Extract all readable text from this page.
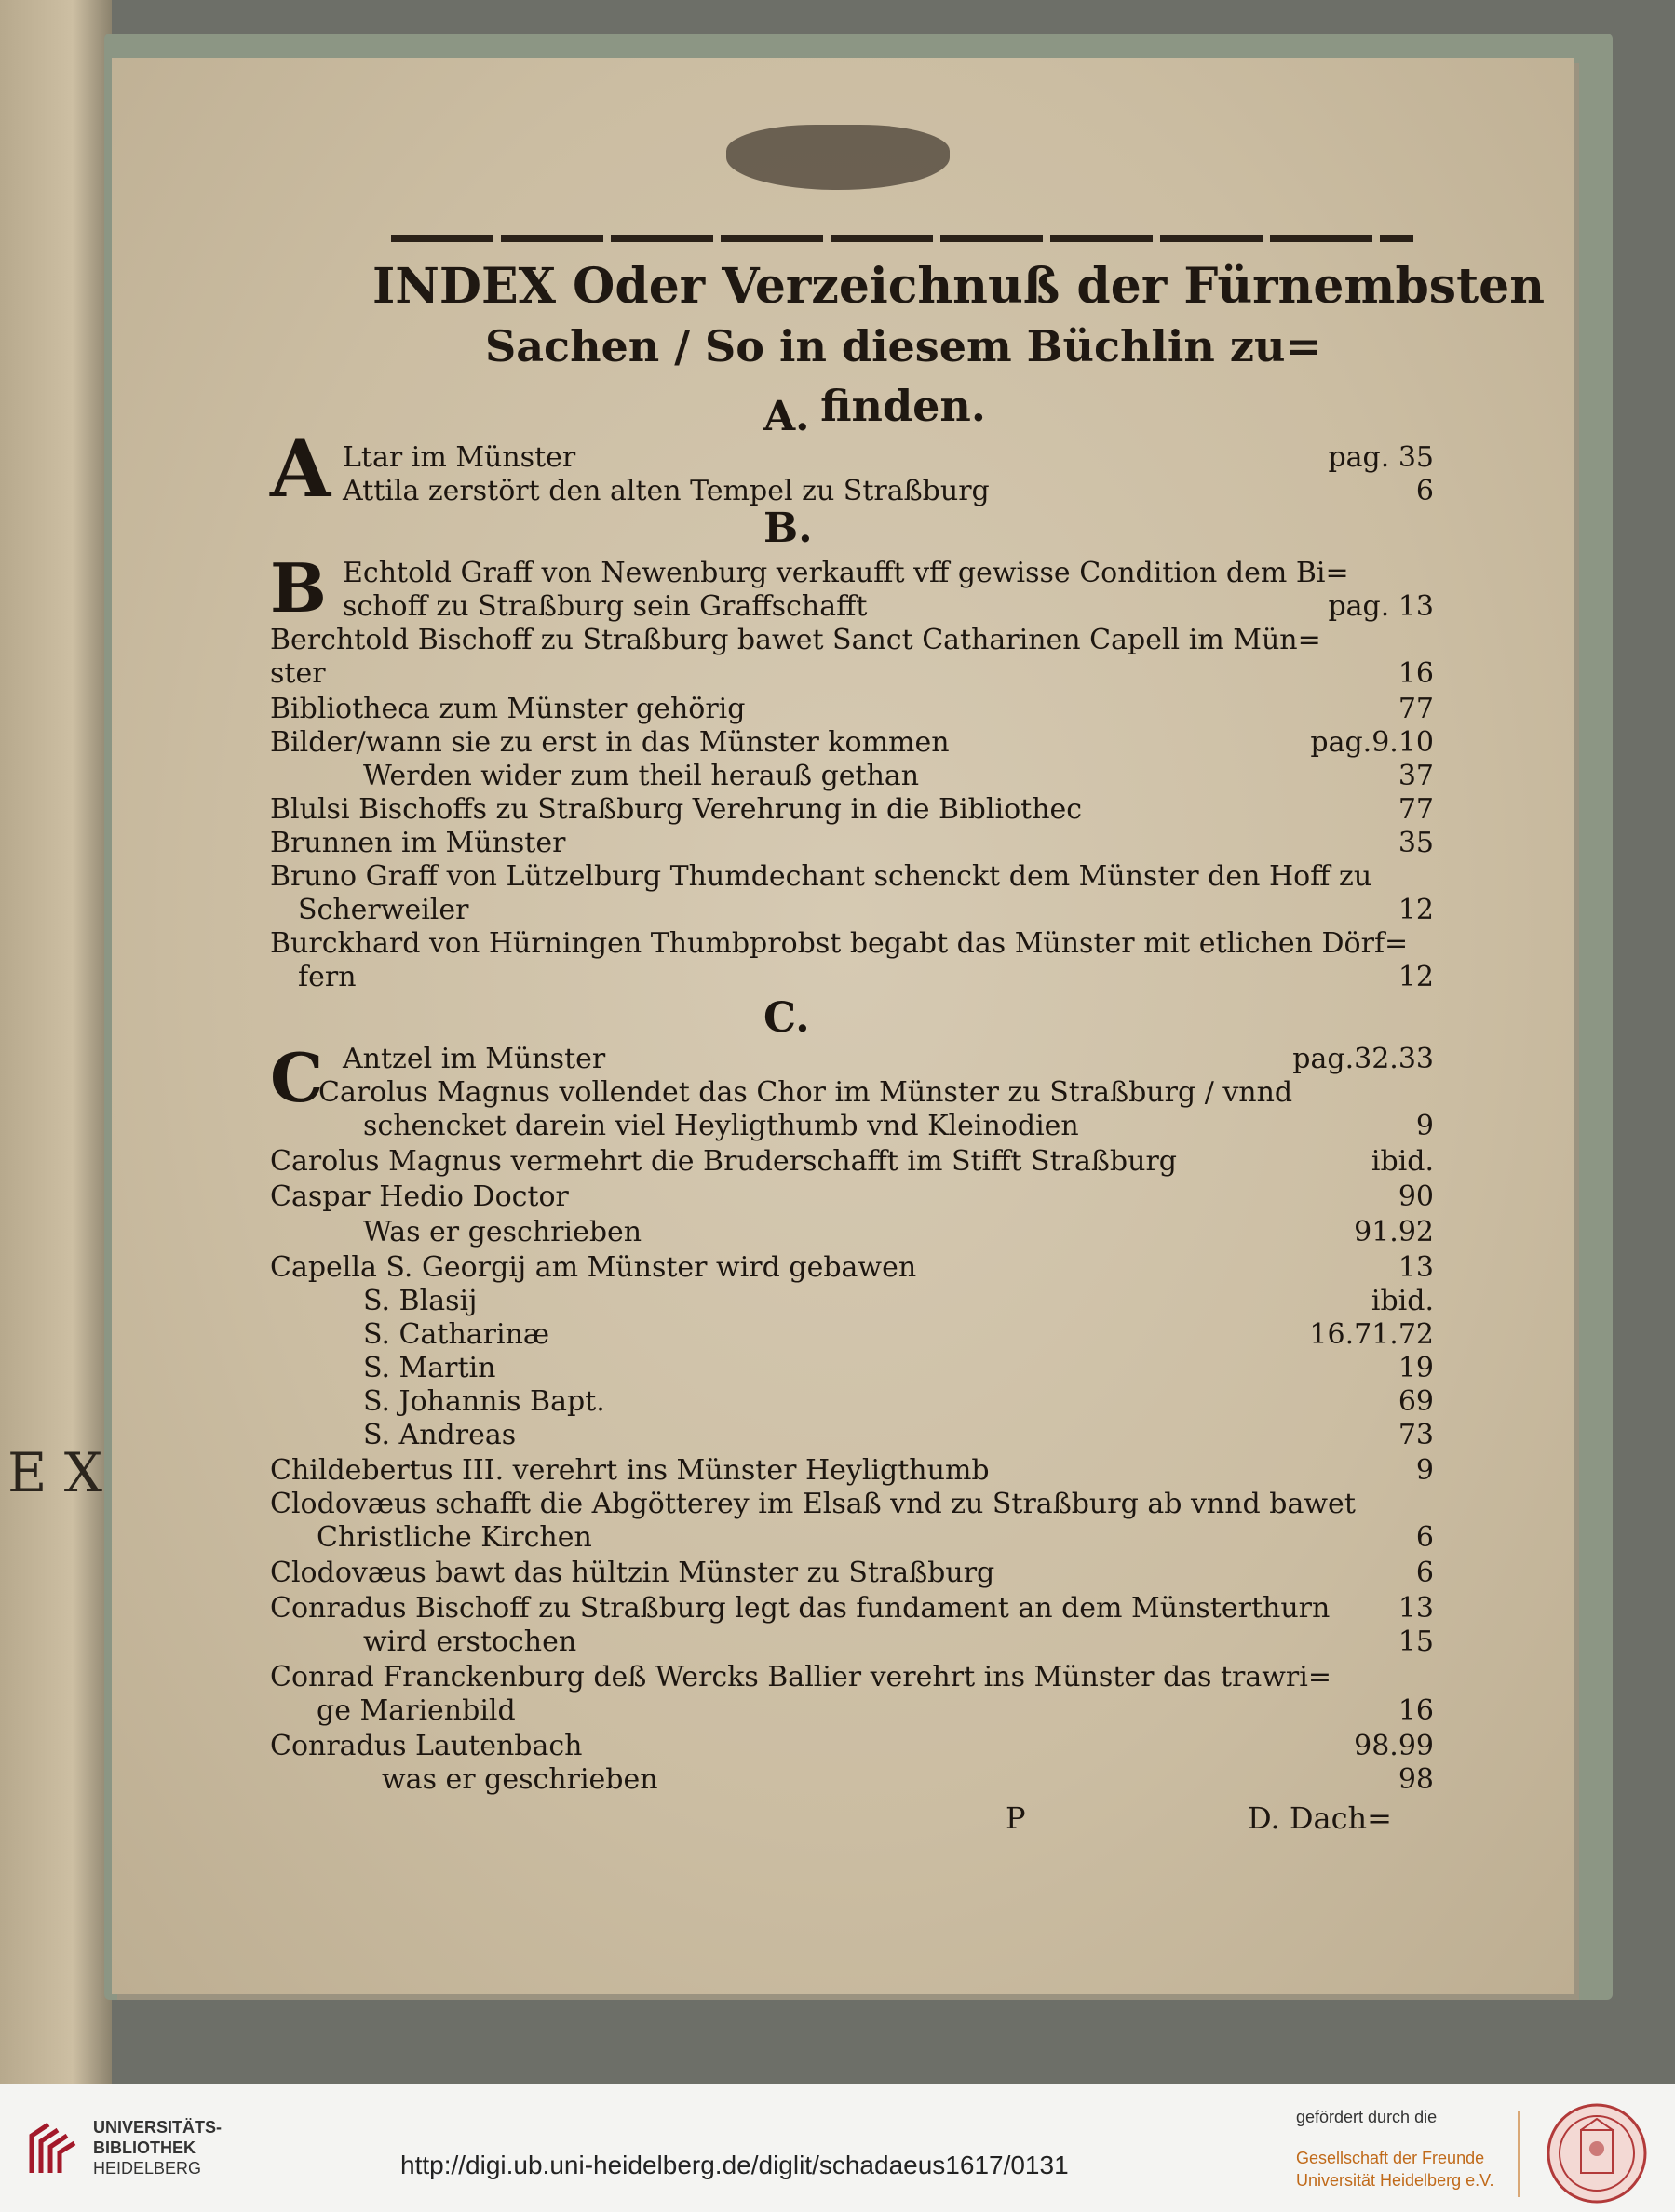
E X
INDEX Oder Verzeichnuß der Fürnembsten
Sachen / So in diesem Büchlin zu=
finden.
A.
A Ltar im Münster	pag. 35
Attila zerstört den alten Tempel zu Straßburg	6
B.
B Echtold Graff von Newenburg verkaufft vff gewisse Condition dem Bi=
schoff zu Straßburg sein Graffschafft	pag. 13
Berchtold Bischoff zu Straßburg bawet Sanct Catharinen Capell im Mün=
ster	16
Bibliotheca zum Münster gehörig	77
Bilder/wann sie zu erst in das Münster kommen	pag.9.10
Werden wider zum theil herauß gethan	37
Blulsi Bischoffs zu Straßburg Verehrung in die Bibliothec	77
Brunnen im Münster	35
Bruno Graff von Lützelburg Thumdechant schenckt dem Münster den Hoff zu
Scherweiler	12
Burckhard von Hürningen Thumbprobst begabt das Münster mit etlichen Dörf=
fern	12
C.
C Antzel im Münster	pag.32.33
Carolus Magnus vollendet das Chor im Münster zu Straßburg / vnnd
schencket darein viel Heyligthumb vnd Kleinodien	9
Carolus Magnus vermehrt die Bruderschafft im Stifft Straßburg	ibid.
Caspar Hedio Doctor	90
Was er geschrieben	91.92
Capella S. Georgij am Münster wird gebawen	13
S. Blasij	ibid.
S. Catharinæ	16.71.72
S. Martin	19
S. Johannis Bapt.	69
S. Andreas	73
Childebertus III. verehrt ins Münster Heyligthumb	9
Clodovæus schafft die Abgötterey im Elsaß vnd zu Straßburg ab vnnd bawet
Christliche Kirchen	6
Clodovæus bawt das hültzin Münster zu Straßburg	6
Conradus Bischoff zu Straßburg legt das fundament an dem Münsterthurn	13
wird erstochen	15
Conrad Franckenburg deß Wercks Ballier verehrt ins Münster das trawri=
ge Marienbild	16
Conradus Lautenbach	98.99
was er geschrieben	98
P	D. Dach=
UNIVERSITÄTS-
BIBLIOTHEK
HEIDELBERG	http://digi.ub.uni-heidelberg.de/diglit/schadaeus1617/0131
gefördert durch die
Gesellschaft der Freunde
Universität Heidelberg e.V.
